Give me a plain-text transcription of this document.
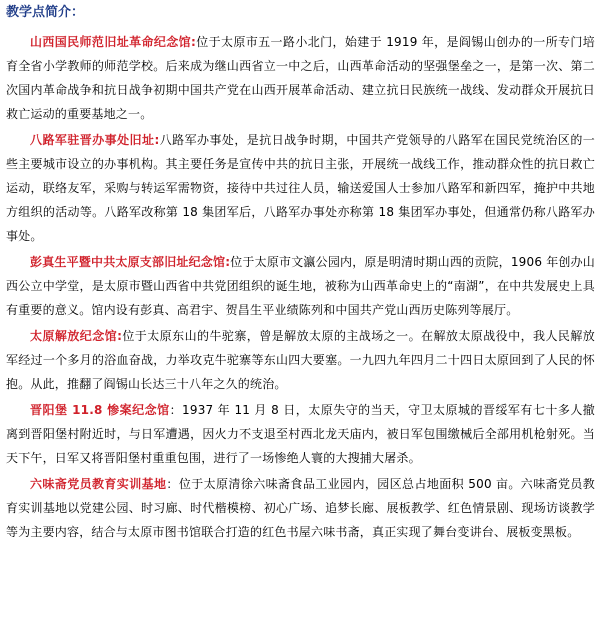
教学点简介：

山西国民师范旧址革命纪念馆:位于太原市五一路小北门，始建于 1919 年，是阎锡山创办的一所专门培育全省小学教师的师范学校。后来成为继山西省立一中之后，山西革命活动的坚强堡垒之一，是第一次、第二次国内革命战争和抗日战争初期中国共产党在山西开展革命活动、建立抗日民族统一战线、发动群众开展抗日救亡运动的重要基地之一。

八路军驻晋办事处旧址:八路军办事处，是抗日战争时期，中国共产党领导的八路军在国民党统治区的一些主要城市设立的办事机构。其主要任务是宣传中共的抗日主张，开展统一战线工作，推动群众性的抗日救亡运动，联络友军，采购与转运军需物资，接待中共过往人员，输送爱国人士参加八路军和新四军，掩护中共地方组织的活动等。八路军改称第 18 集团军后，八路军办事处亦称第 18 集团军办事处，但通常仍称八路军办事处。

彭真生平暨中共太原支部旧址纪念馆:位于太原市文瀛公园内，原是明清时期山西的贡院，1906 年创办山西公立中学堂，是太原市暨山西省中共党团组织的诞生地，被称为山西革命史上的“南湖”，在中共发展史上具有重要的意义。馆内设有彭真、高君宇、贺昌生平业绩陈列和中国共产党山西历史陈列等展厅。

太原解放纪念馆:位于太原东山的牛驼寨，曾是解放太原的主战场之一。在解放太原战役中，我人民解放军经过一个多月的浴血奋战，力举攻克牛驼寨等东山四大要塞。一九四九年四月二十四日太原回到了人民的怀抱。从此，推翻了阎锡山长达三十八年之久的统治。

晋阳堡 11.8 惨案纪念馆：1937 年 11 月 8 日，太原失守的当天，守卫太原城的晋绥军有七十多人撤离到晋阳堡村附近时，与日军遭遇，因火力不支退至村西北龙天庙内，被日军包围缴械后全部用机枪射死。当天下午，日军又将晋阳堡村重重包围，进行了一场惨绝人寰的大搜捕大屠杀。

六味斋党员教育实训基地：位于太原清徐六味斋食品工业园内，园区总占地面积 500 亩。六味斋党员教育实训基地以党建公园、时习廊、时代楷模榜、初心广场、追梦长廊、展板教学、红色情景剧、现场访谈教学等为主要内容，结合与太原市图书馆联合打造的红色书屋六味书斋，真正实现了舞台变讲台、展板变黑板。
